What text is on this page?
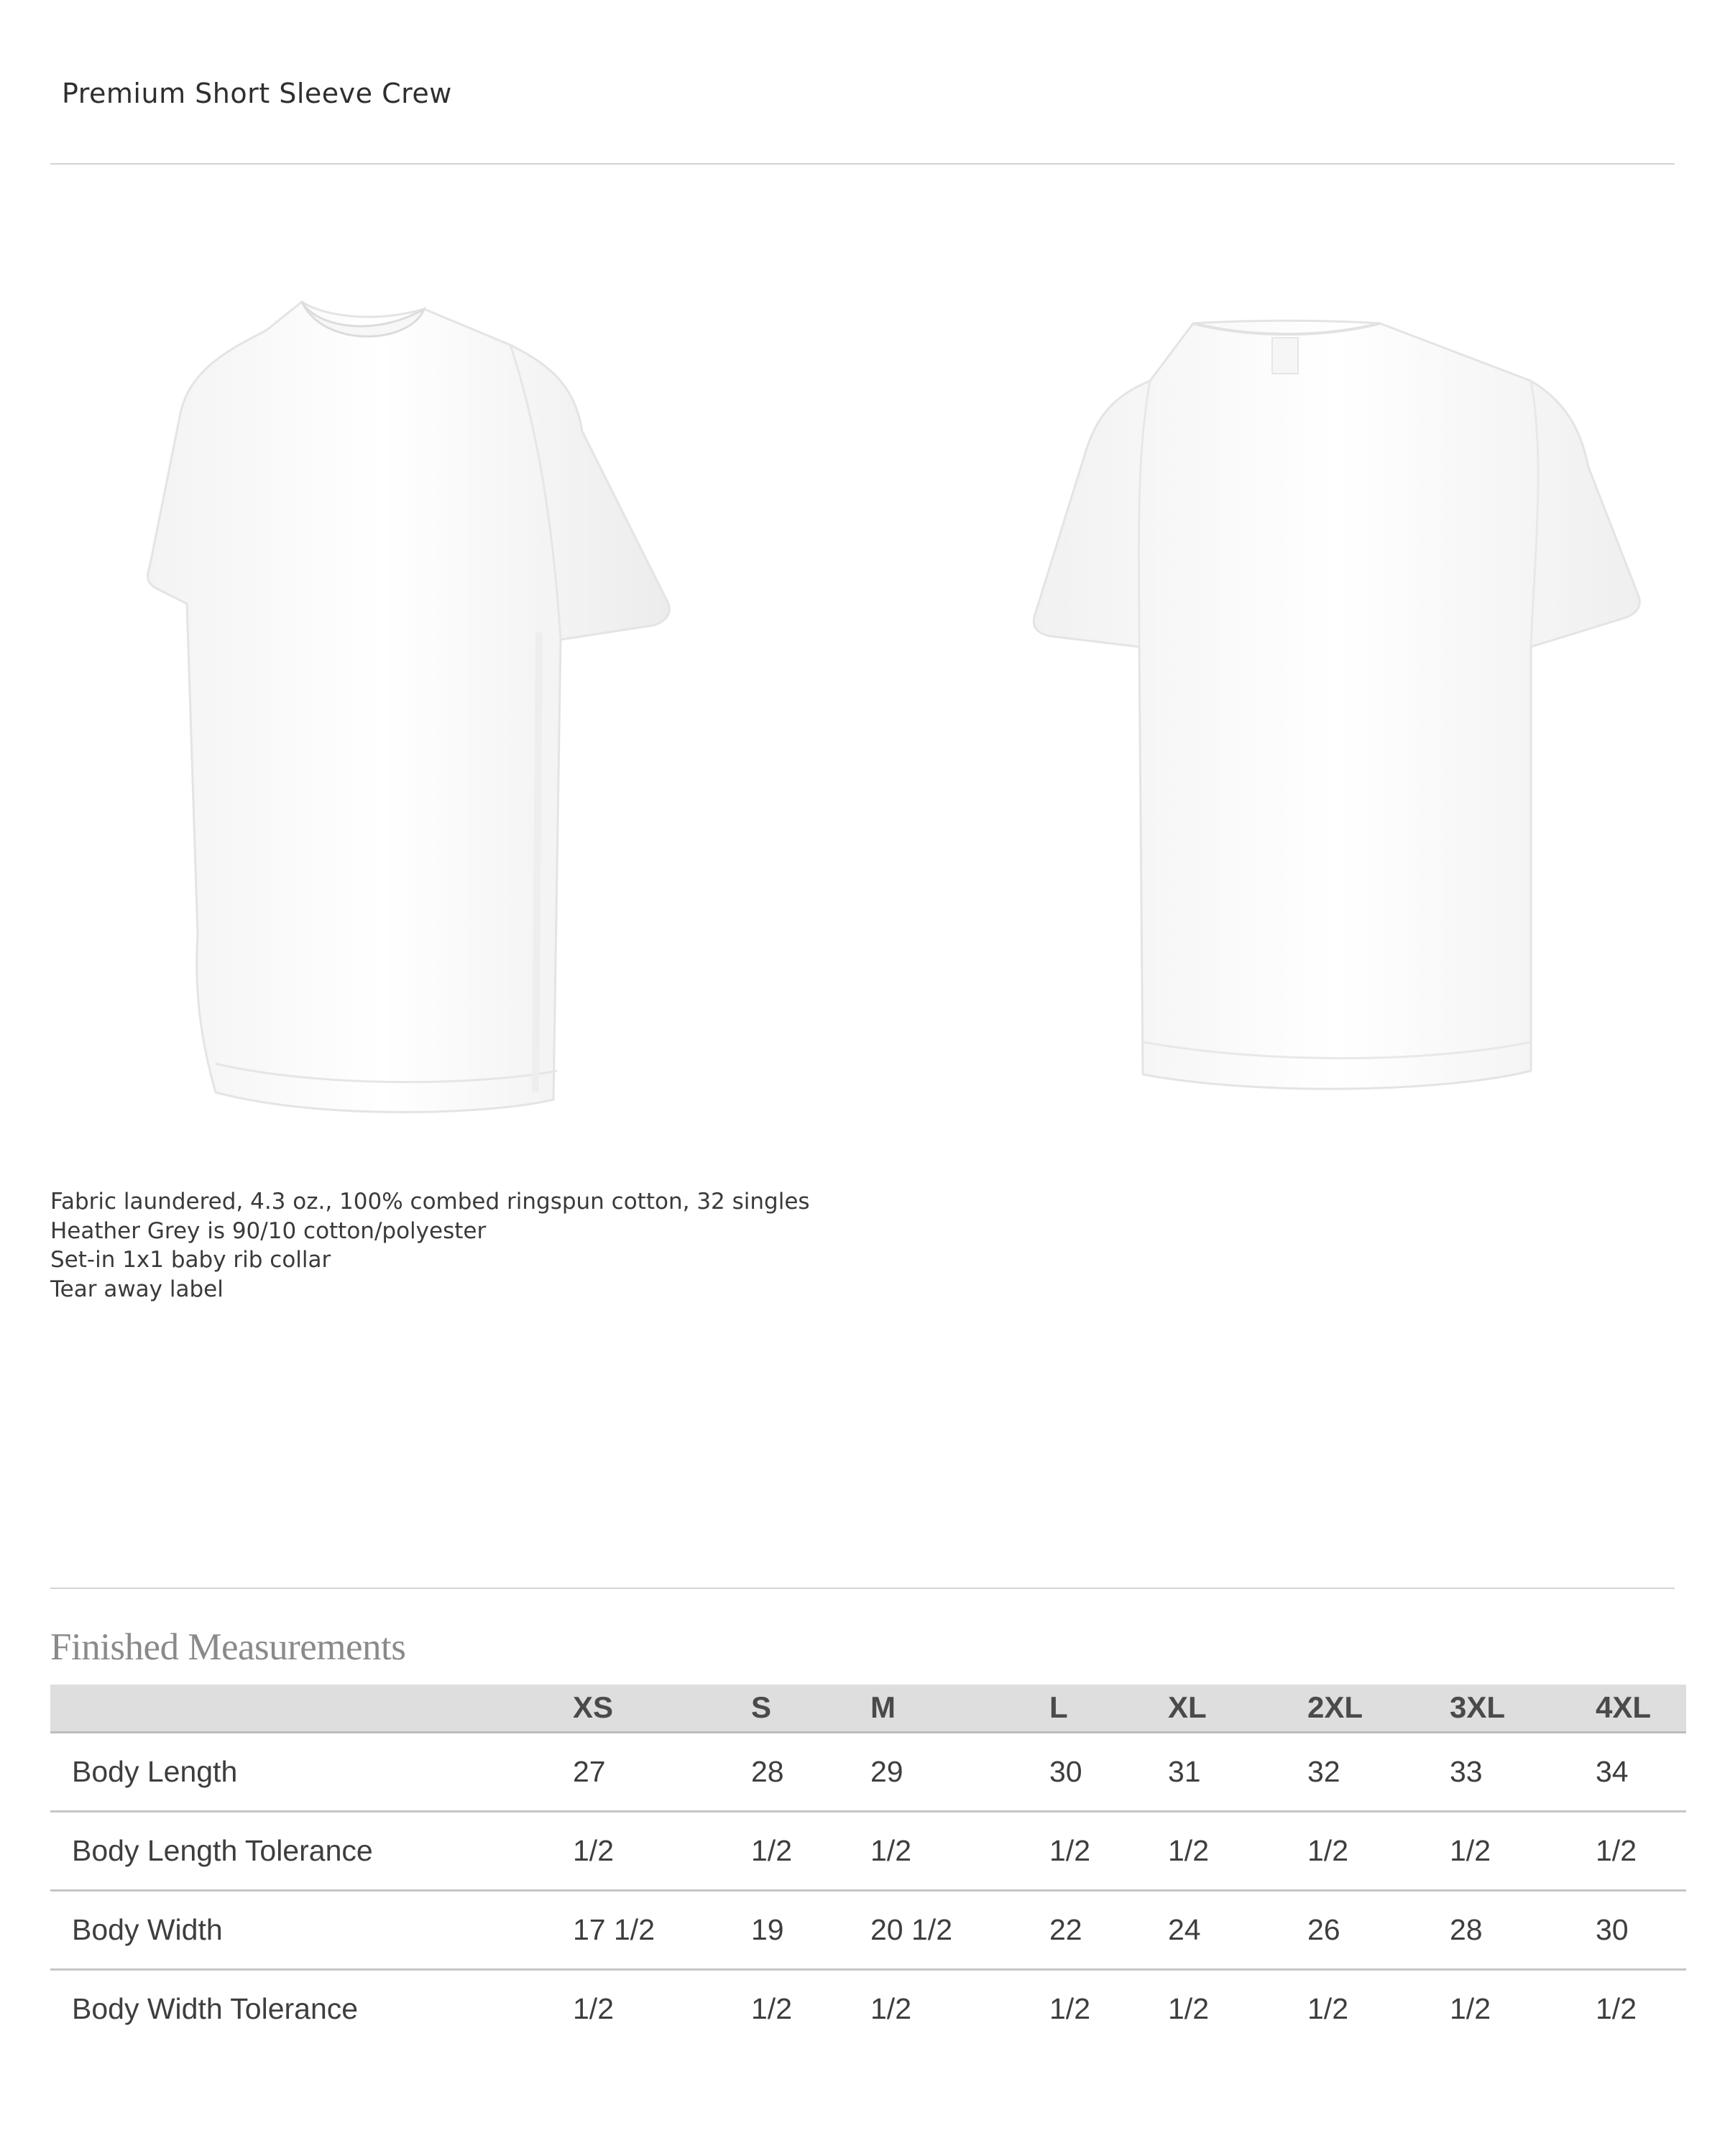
Premium Short Sleeve Crew
Fabric laundered, 4.3 oz., 100% combed ringspun cotton, 32 singles
Heather Grey is 90/10 cotton/polyester
Set-in 1x1 baby rib collar
Tear away label
Finished Measurements
	XS	S	M	L	XL	2XL	3XL	4XL	
Body Length	27	28	29	30	31	32	33	34	
Body Length Tolerance	1/2	1/2	1/2	1/2	1/2	1/2	1/2	1/2	
Body Width	17 1/2	19	20 1/2	22	24	26	28	30	
Body Width Tolerance	1/2	1/2	1/2	1/2	1/2	1/2	1/2	1/2	
